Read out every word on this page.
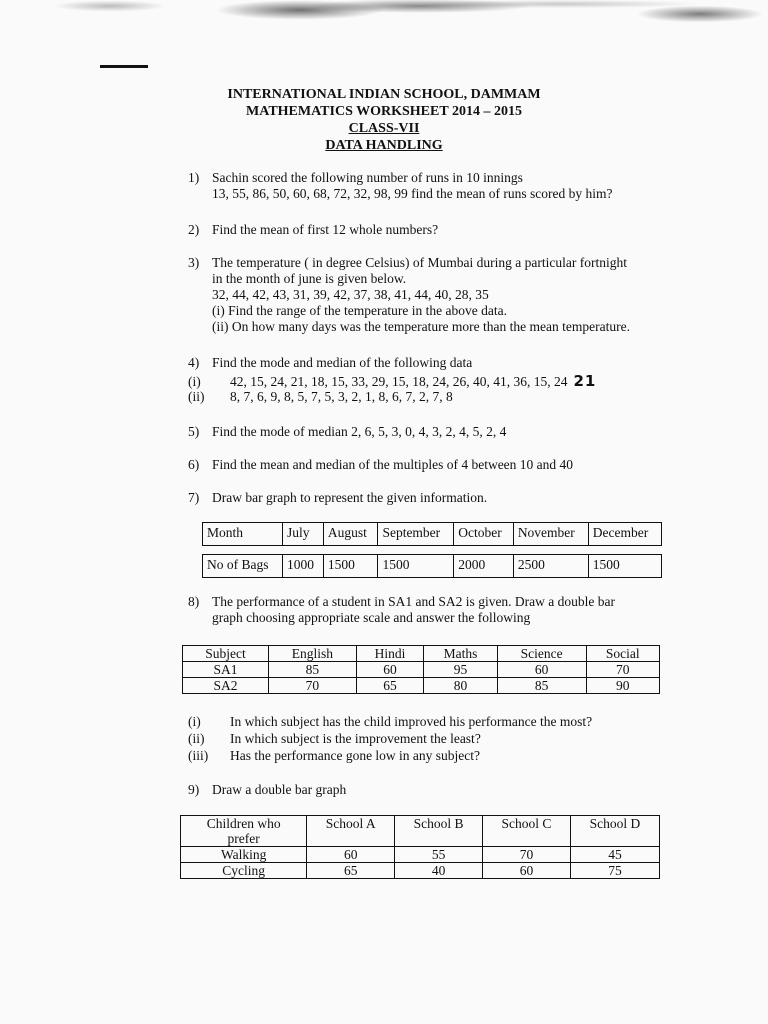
INTERNATIONAL INDIAN SCHOOL, DAMMAM
MATHEMATICS WORKSHEET 2014 – 2015
CLASS-VII
DATA HANDLING
1) Sachin scored the following number of runs in 10 innings
13, 55, 86, 50, 60, 68, 72, 32, 98, 99 find the mean of runs scored by him?
2) Find the mean of first 12 whole numbers?
3) The temperature ( in degree Celsius) of Mumbai during a particular fortnight
in the month of june is given below.
32, 44, 42, 43, 31, 39, 42, 37, 38, 41, 44, 40, 28, 35
(i) Find the range of the temperature in the above data.
(ii) On how many days was the temperature more than the mean temperature.
4) Find the mode and median of the following data
(i) 42, 15, 24, 21, 18, 15, 33, 29, 15, 18, 24, 26, 40, 41, 36, 15, 24 21
(ii) 8, 7, 6, 9, 8, 5, 7, 5, 3, 2, 1, 8, 6, 7, 2, 7, 8
5) Find the mode of median 2, 6, 5, 3, 0, 4, 3, 2, 4, 5, 2, 4
6) Find the mean and median of the multiples of 4 between 10 and 40
7) Draw bar graph to represent the given information.
Month	July	August	September	October	November	December

No of Bags	1000	1500	1500	2000	2500	1500
8) The performance of a student in SA1 and SA2 is given. Draw a double bar
graph choosing appropriate scale and answer the following
Subject	English	Hindi	Maths	Science	Social
SA1	85	60	95	60	70
SA2	70	65	80	85	90
(i) In which subject has the child improved his performance the most?
(ii) In which subject is the improvement the least?
(iii) Has the performance gone low in any subject?
9) Draw a double bar graph
Children who
prefer	School A	School B	School C	School D
Walking	60	55	70	45
Cycling	65	40	60	75
